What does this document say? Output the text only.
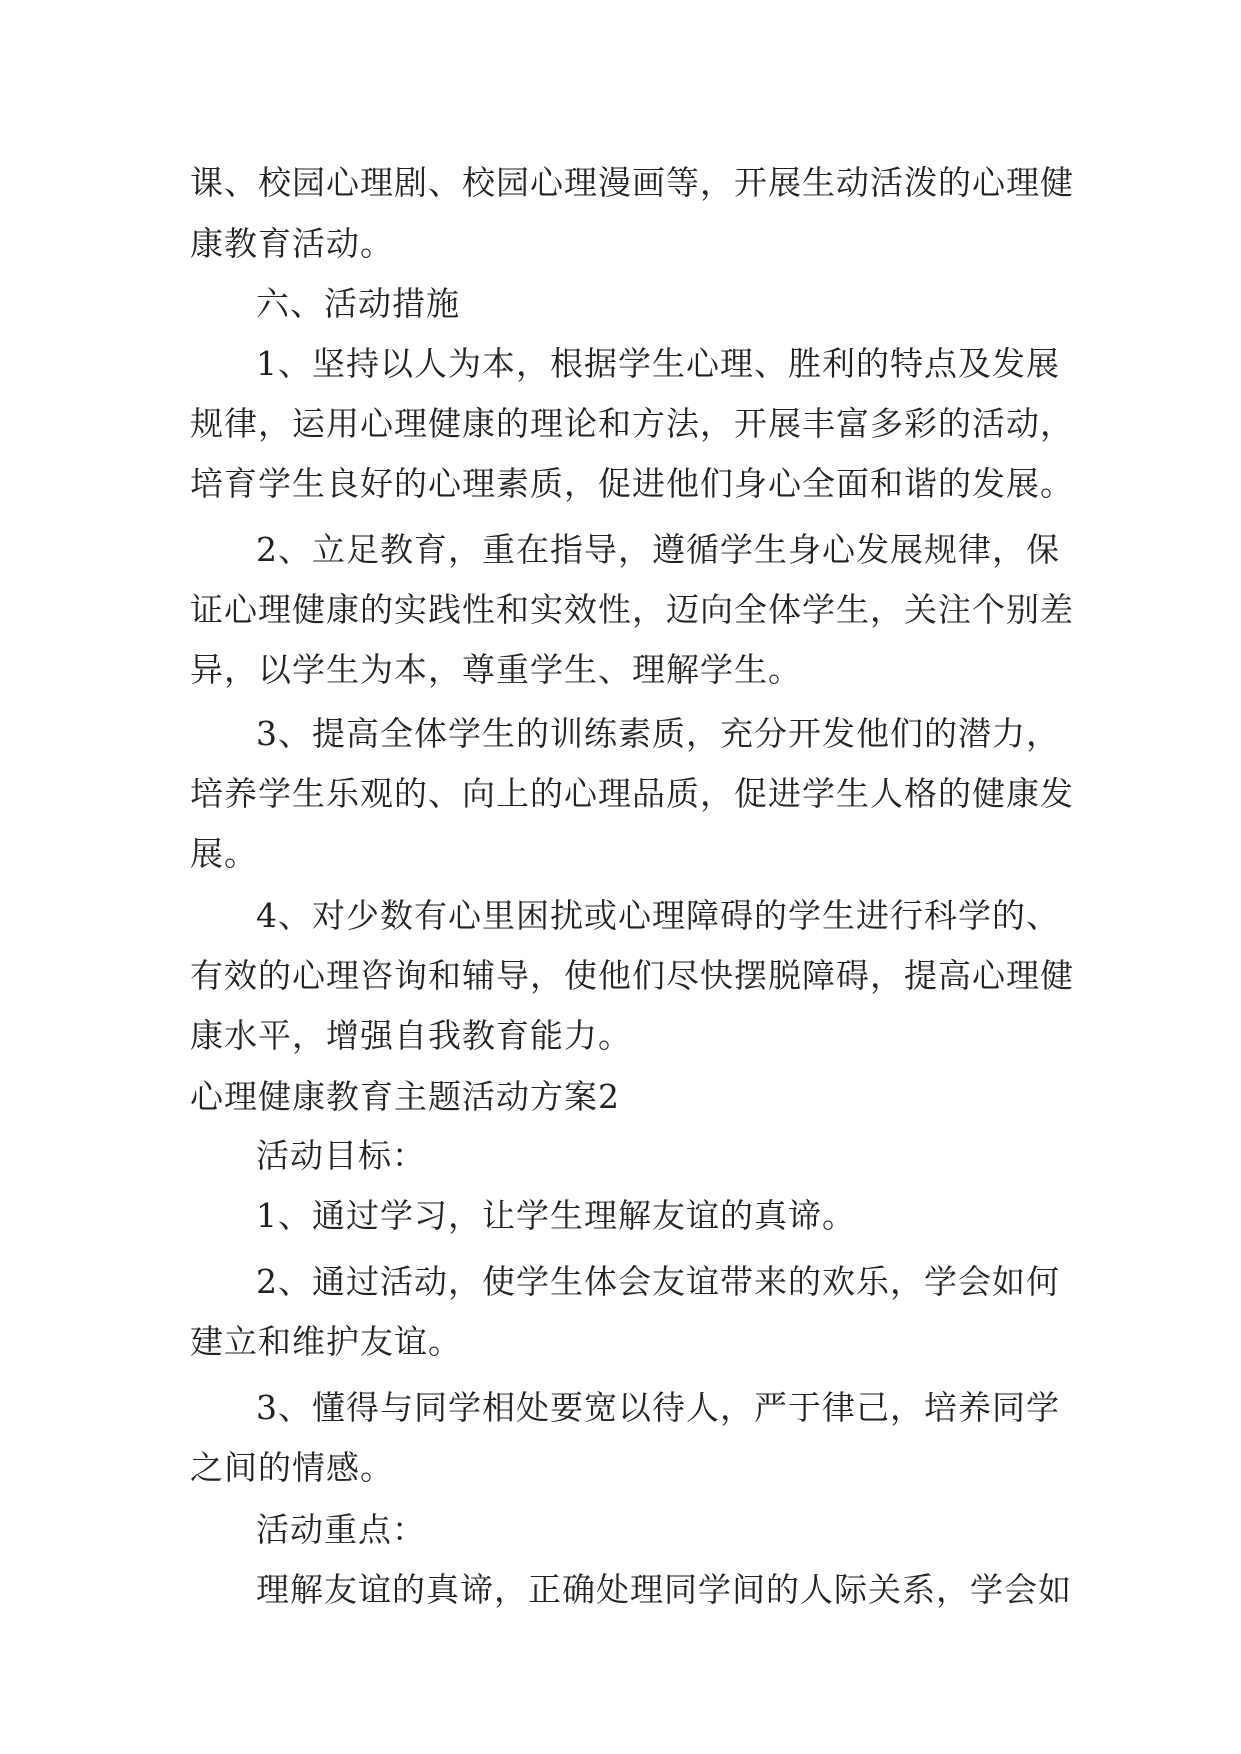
课、校园心理剧、校园心理漫画等，开展生动活泼的心理健
康教育活动。
六、活动措施
1、坚持以人为本，根据学生心理、胜利的特点及发展
规律，运用心理健康的理论和方法，开展丰富多彩的活动，
培育学生良好的心理素质，促进他们身心全面和谐的发展。
2、立足教育，重在指导，遵循学生身心发展规律，保
证心理健康的实践性和实效性，迈向全体学生，关注个别差
异，以学生为本，尊重学生、理解学生。
3、提高全体学生的训练素质，充分开发他们的潜力，
培养学生乐观的、向上的心理品质，促进学生人格的健康发
展。
4、对少数有心里困扰或心理障碍的学生进行科学的、
有效的心理咨询和辅导，使他们尽快摆脱障碍，提高心理健
康水平，增强自我教育能力。
心理健康教育主题活动方案2
活动目标：
1、通过学习，让学生理解友谊的真谛。
2、通过活动，使学生体会友谊带来的欢乐，学会如何
建立和维护友谊。
3、懂得与同学相处要宽以待人，严于律己，培养同学
之间的情感。
活动重点：
理解友谊的真谛，正确处理同学间的人际关系，学会如
